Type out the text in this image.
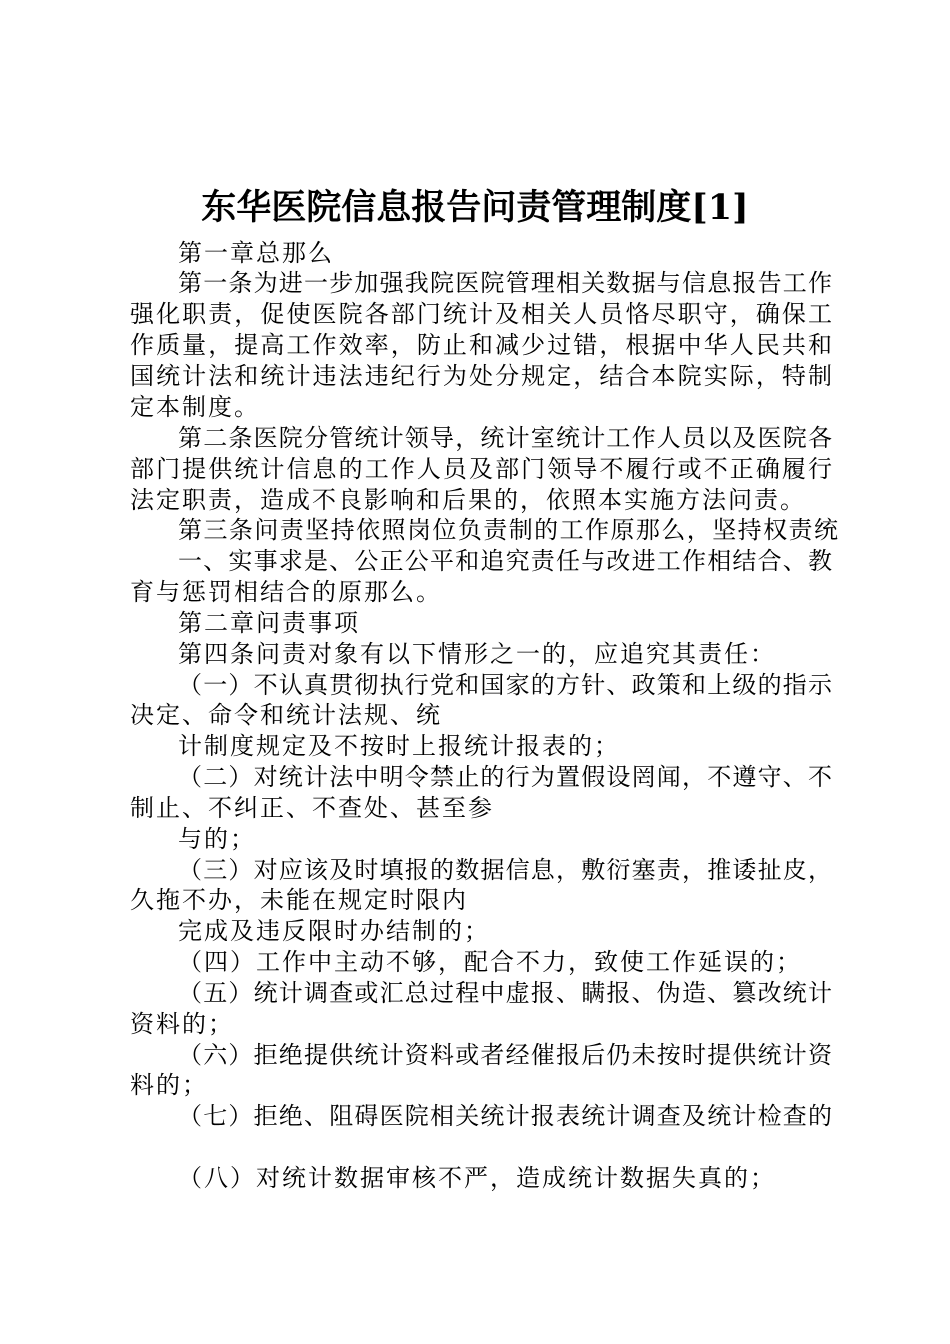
东华医院信息报告问责管理制度[1]
第一章总那么
第一条为进一步加强我院医院管理相关数据与信息报告工作
强化职责，促使医院各部门统计及相关人员恪尽职守，确保工
作质量，提高工作效率，防止和减少过错，根据中华人民共和
国统计法和统计违法违纪行为处分规定，结合本院实际，特制
定本制度。
第二条医院分管统计领导，统计室统计工作人员以及医院各
部门提供统计信息的工作人员及部门领导不履行或不正确履行
法定职责，造成不良影响和后果的，依照本实施方法问责。
第三条问责坚持依照岗位负责制的工作原那么，坚持权责统
一、实事求是、公正公平和追究责任与改进工作相结合、教
育与惩罚相结合的原那么。
第二章问责事项
第四条问责对象有以下情形之一的，应追究其责任：
（一）不认真贯彻执行党和国家的方针、政策和上级的指示
决定、命令和统计法规、统
计制度规定及不按时上报统计报表的；
（二）对统计法中明令禁止的行为置假设罔闻，不遵守、不
制止、不纠正、不查处、甚至参
与的；
（三）对应该及时填报的数据信息，敷衍塞责，推诿扯皮，
久拖不办，未能在规定时限内
完成及违反限时办结制的；
（四）工作中主动不够，配合不力，致使工作延误的；
（五）统计调查或汇总过程中虚报、瞒报、伪造、篡改统计
资料的；
（六）拒绝提供统计资料或者经催报后仍未按时提供统计资
料的；
（七）拒绝、阻碍医院相关统计报表统计调查及统计检查的
（八）对统计数据审核不严，造成统计数据失真的；
